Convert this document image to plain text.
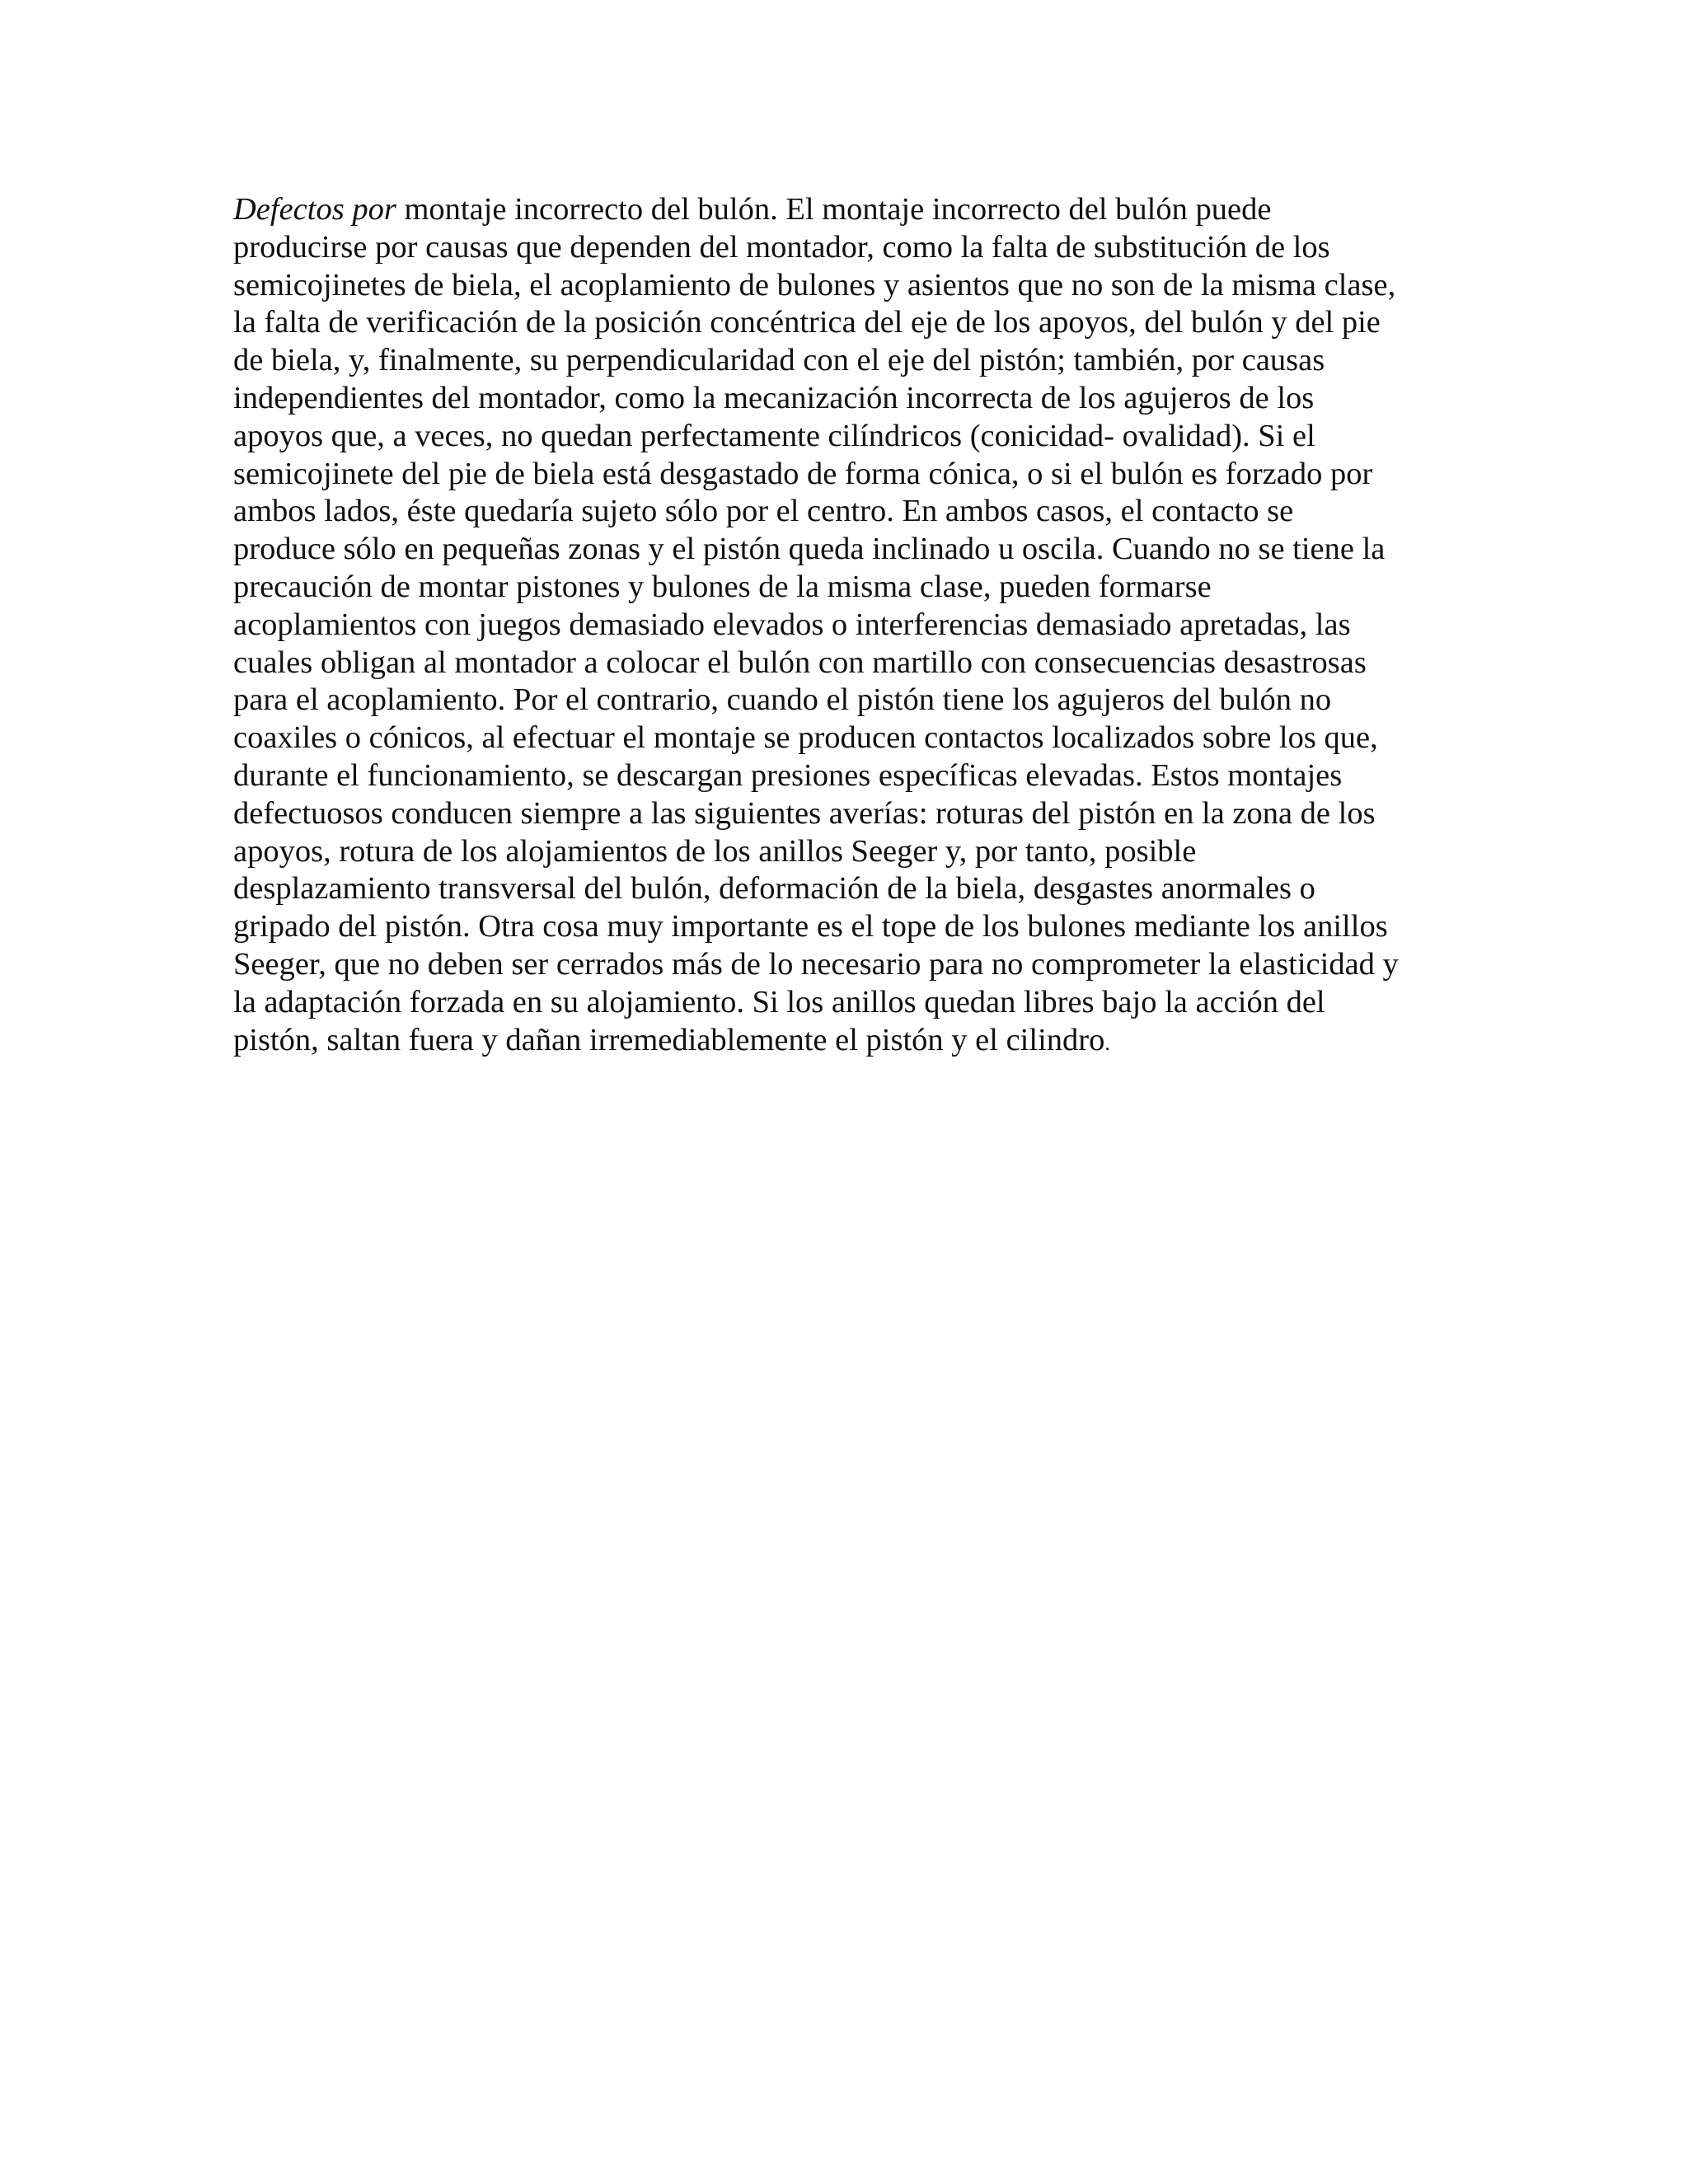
Defectos por montaje incorrecto del bulón. El montaje incorrecto del bulón puede
producirse por causas que dependen del montador, como la falta de substitución de los
semicojinetes de biela, el acoplamiento de bulones y asientos que no son de la misma clase,
la falta de verificación de la posición concéntrica del eje de los apoyos, del bulón y del pie
de biela, y, finalmente, su perpendicularidad con el eje del pistón; también, por causas
independientes del montador, como la mecanización incorrecta de los agujeros de los
apoyos que, a veces, no quedan perfectamente cilíndricos (conicidad- ovalidad). Si el
semicojinete del pie de biela está desgastado de forma cónica, o si el bulón es forzado por
ambos lados, éste quedaría sujeto sólo por el centro. En ambos casos, el contacto se
produce sólo en pequeñas zonas y el pistón queda inclinado u oscila. Cuando no se tiene la
precaución de montar pistones y bulones de la misma clase, pueden formarse
acoplamientos con juegos demasiado elevados o interferencias demasiado apretadas, las
cuales obligan al montador a colocar el bulón con martillo con consecuencias desastrosas
para el acoplamiento. Por el contrario, cuando el pistón tiene los agujeros del bulón no
coaxiles o cónicos, al efectuar el montaje se producen contactos localizados sobre los que,
durante el funcionamiento, se descargan presiones específicas elevadas. Estos montajes
defectuosos conducen siempre a las siguientes averías: roturas del pistón en la zona de los
apoyos, rotura de los alojamientos de los anillos Seeger y, por tanto, posible
desplazamiento transversal del bulón, deformación de la biela, desgastes anormales o
gripado del pistón. Otra cosa muy importante es el tope de los bulones mediante los anillos
Seeger, que no deben ser cerrados más de lo necesario para no comprometer la elasticidad y
la adaptación forzada en su alojamiento. Si los anillos quedan libres bajo la acción del
pistón, saltan fuera y dañan irremediablemente el pistón y el cilindro.
